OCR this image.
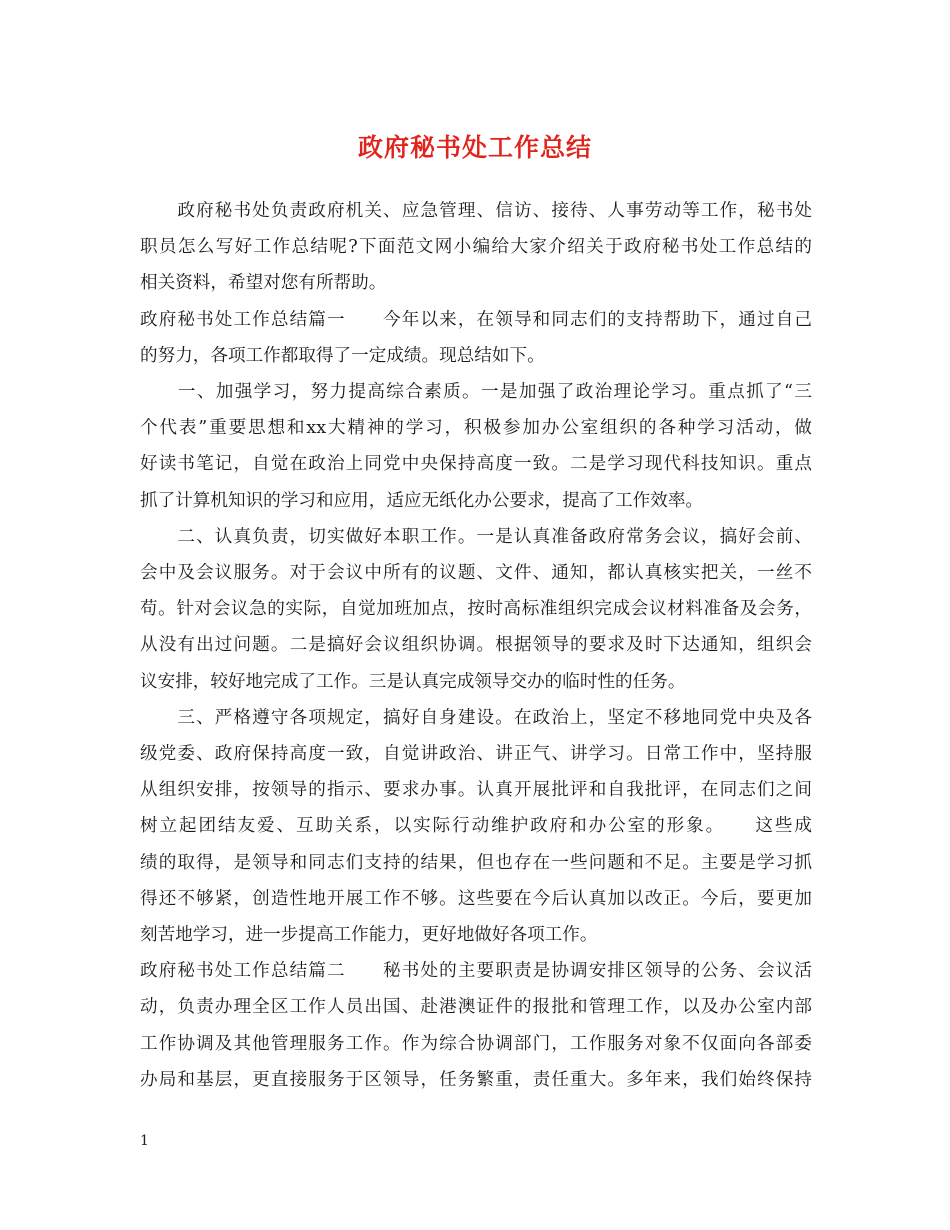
政府秘书处工作总结
　　政府秘书处负责政府机关、应急管理、信访、接待、人事劳动等工作，秘书处
职员怎么写好工作总结呢?下面范文网小编给大家介绍关于政府秘书处工作总结的
相关资料，希望对您有所帮助。
政府秘书处工作总结篇一　　今年以来，在领导和同志们的支持帮助下，通过自己
的努力，各项工作都取得了一定成绩。现总结如下。
　　一、加强学习，努力提高综合素质。一是加强了政治理论学习。重点抓了“三
个代表”重要思想和xx大精神的学习，积极参加办公室组织的各种学习活动，做
好读书笔记，自觉在政治上同党中央保持高度一致。二是学习现代科技知识。重点
抓了计算机知识的学习和应用，适应无纸化办公要求，提高了工作效率。
　　二、认真负责，切实做好本职工作。一是认真准备政府常务会议，搞好会前、
会中及会议服务。对于会议中所有的议题、文件、通知，都认真核实把关，一丝不
苟。针对会议急的实际，自觉加班加点，按时高标准组织完成会议材料准备及会务，
从没有出过问题。二是搞好会议组织协调。根据领导的要求及时下达通知，组织会
议安排，较好地完成了工作。三是认真完成领导交办的临时性的任务。
　　三、严格遵守各项规定，搞好自身建设。在政治上，坚定不移地同党中央及各
级党委、政府保持高度一致，自觉讲政治、讲正气、讲学习。日常工作中，坚持服
从组织安排，按领导的指示、要求办事。认真开展批评和自我批评，在同志们之间
树立起团结友爱、互助关系，以实际行动维护政府和办公室的形象。　　这些成
绩的取得，是领导和同志们支持的结果，但也存在一些问题和不足。主要是学习抓
得还不够紧，创造性地开展工作不够。这些要在今后认真加以改正。今后，要更加
刻苦地学习，进一步提高工作能力，更好地做好各项工作。
政府秘书处工作总结篇二　　秘书处的主要职责是协调安排区领导的公务、会议活
动，负责办理全区工作人员出国、赴港澳证件的报批和管理工作，以及办公室内部
工作协调及其他管理服务工作。作为综合协调部门，工作服务对象不仅面向各部委
办局和基层，更直接服务于区领导，任务繁重，责任重大。多年来，我们始终保持
1
